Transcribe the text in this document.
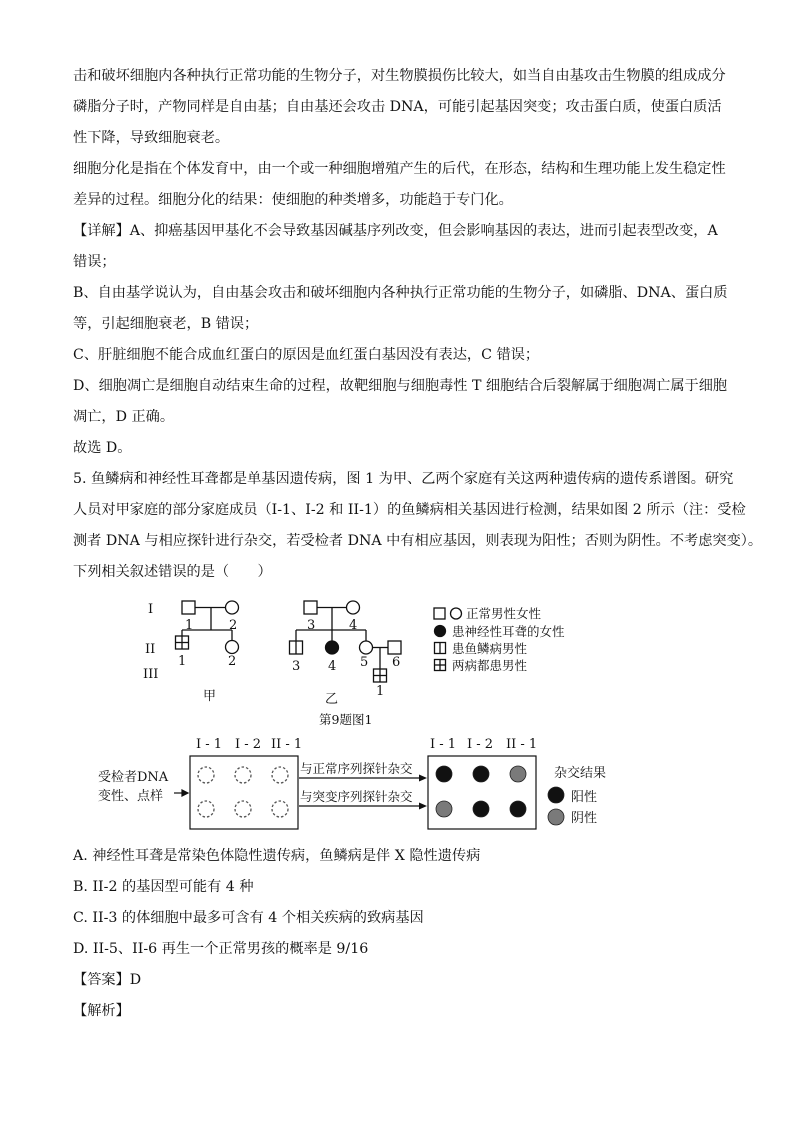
击和破坏细胞内各种执行正常功能的生物分子，对生物膜损伤比较大，如当自由基攻击生物膜的组成成分
磷脂分子时，产物同样是自由基；自由基还会攻击 DNA，可能引起基因突变；攻击蛋白质，使蛋白质活
性下降，导致细胞衰老。
细胞分化是指在个体发育中，由一个或一种细胞增殖产生的后代，在形态，结构和生理功能上发生稳定性
差异的过程。细胞分化的结果：使细胞的种类增多，功能趋于专门化。
【详解】A、抑癌基因甲基化不会导致基因碱基序列改变，但会影响基因的表达，进而引起表型改变，A
错误；
B、自由基学说认为，自由基会攻击和破坏细胞内各种执行正常功能的生物分子，如磷脂、DNA、蛋白质
等，引起细胞衰老，B 错误；
C、肝脏细胞不能合成血红蛋白的原因是血红蛋白基因没有表达，C 错误；
D、细胞凋亡是细胞自动结束生命的过程，故靶细胞与细胞毒性 T 细胞结合后裂解属于细胞凋亡属于细胞
凋亡，D 正确。
故选 D。
5. 鱼鳞病和神经性耳聋都是单基因遗传病，图 1 为甲、乙两个家庭有关这两种遗传病的遗传系谱图。研究
人员对甲家庭的部分家庭成员（I-1、I-2 和 II-1）的鱼鳞病相关基因进行检测，结果如图 2 所示（注：受检
测者 DNA 与相应探针进行杂交，若受检者 DNA 中有相应基因，则表现为阳性；否则为阴性。不考虑突变）。
下列相关叙述错误的是（　　）
I
II
III
1	2
1	2
3	4
3 4 5 6
1
甲	乙
第9题图1
正常男性女性
患神经性耳聋的女性
患鱼鳞病男性
两病都患男性
I - 1 I - 2 II - 1	I - 1 I - 2 II - 1
受检者DNA
变性、点样
与正常序列探针杂交
与突变序列探针杂交
杂交结果
阳性
阴性
A. 神经性耳聋是常染色体隐性遗传病，鱼鳞病是伴 X 隐性遗传病
B. II-2 的基因型可能有 4 种
C. II-3 的体细胞中最多可含有 4 个相关疾病的致病基因
D. II-5、II-6 再生一个正常男孩的概率是 9/16
【答案】D
【解析】
